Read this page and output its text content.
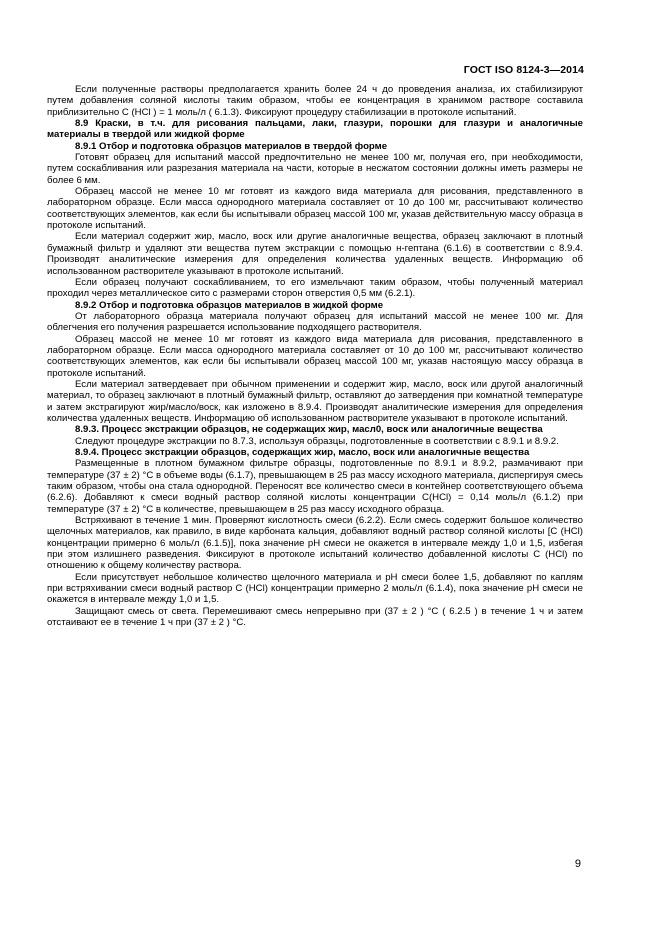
ГОСТ ISO 8124-3—2014

Если полученные растворы предполагается хранить более 24 ч до проведения анализа, их стабилизируют путем добавления соляной кислоты таким образом, чтобы ее концентрация в хранимом растворе составила приблизительно C (HCl ) = 1 моль/л ( 6.1.3). Фиксируют процедуру стабилизации в протоколе испытаний.

8.9 Краски, в т.ч. для рисования пальцами, лаки, глазури, порошки для глазури и аналогичные материалы в твердой или жидкой форме

8.9.1 Отбор и подготовка образцов материалов в твердой форме

Готовят образец для испытаний массой предпочтительно не менее 100 мг, получая его, при необходимости, путем соскабливания или разрезания материала на части, которые в несжатом состоянии должны иметь размеры не более 6 мм.

Образец массой не менее 10 мг готовят из каждого вида материала для рисования, представленного в лабораторном образце. Если масса однородного материала составляет от 10 до 100 мг, рассчитывают количество соответствующих элементов, как если бы испытывали образец массой 100 мг, указав действительную массу образца в протоколе испытаний.

Если материал содержит жир, масло, воск или другие аналогичные вещества, образец заключают в плотный бумажный фильтр и удаляют эти вещества путем экстракции с помощью н-гептана (6.1.6) в соответствии с 8.9.4. Производят аналитические измерения для определения количества удаленных веществ. Информацию об использованном растворителе указывают в протоколе испытаний.

Если образец получают соскабливанием, то его измельчают таким образом, чтобы полученный материал проходил через металлическое сито с размерами сторон отверстия 0,5 мм (6.2.1).

8.9.2 Отбор и подготовка образцов материалов в жидкой форме

От лабораторного образца материала получают образец для испытаний массой не менее 100 мг. Для облегчения его получения разрешается использование подходящего растворителя.

Образец массой не менее 10 мг готовят из каждого вида материала для рисования, представленного в лабораторном образце. Если масса однородного материала составляет от 10 до 100 мг, рассчитывают количество соответствующих элементов, как если бы испытывали образец массой 100 мг, указав настоящую массу образца в протоколе испытаний.

Если материал затвердевает при обычном применении и содержит жир, масло, воск или другой аналогичный материал, то образец заключают в плотный бумажный фильтр, оставляют до затвердения при комнатной температуре и затем экстрагируют жир/масло/воск, как изложено в 8.9.4. Производят аналитические измерения для определения количества удаленных веществ. Информацию об использованном растворителе указывают в протоколе испытаний.

8.9.3. Процесс экстракции образцов, не содержащих жир, масл0, воск или аналогичные вещества

Следуют процедуре экстракции по 8.7.3, используя образцы, подготовленные в соответствии с 8.9.1 и 8.9.2.

8.9.4. Процесс экстракции образцов, содержащих жир, масло, воск или аналогичные вещества

Размещенные в плотном бумажном фильтре образцы, подготовленные по 8.9.1 и 8.9.2, размачивают при температуре (37 ± 2) °С в объеме воды (6.1.7), превышающем в 25 раз массу исходного материала, диспергируя смесь таким образом, чтобы она стала однородной. Переносят все количество смеси в контейнер соответствующего объема (6.2.6). Добавляют к смеси водный раствор соляной кислоты концентрации C(HCl) = 0,14 моль/л (6.1.2) при температуре (37 ± 2) °С в количестве, превышающем в 25 раз массу исходного образца.

Встряхивают в течение 1 мин. Проверяют кислотность смеси (6.2.2). Если смесь содержит большое количество щелочных материалов, как правило, в виде карбоната кальция, добавляют водный раствор соляной кислоты [C (HCl) концентрации примерно 6 моль/л (6.1.5)], пока значение pH смеси не окажется в интервале между 1,0 и 1,5, избегая при этом излишнего разведения. Фиксируют в протоколе испытаний количество добавленной кислоты C (HCl) по отношению к общему количеству раствора.

Если присутствует небольшое количество щелочного материала и pH смеси более 1,5, добавляют по каплям при встряхивании смеси водный раствор C (HCl) концентрации примерно 2 моль/л (6.1.4), пока значение pH смеси не окажется в интервале между 1,0 и 1,5.

Защищают смесь от света. Перемешивают смесь непрерывно при (37 ± 2 ) °С ( 6.2.5 ) в течение 1 ч и затем отстаивают ее в течение 1 ч при (37 ± 2 ) °С.

9
